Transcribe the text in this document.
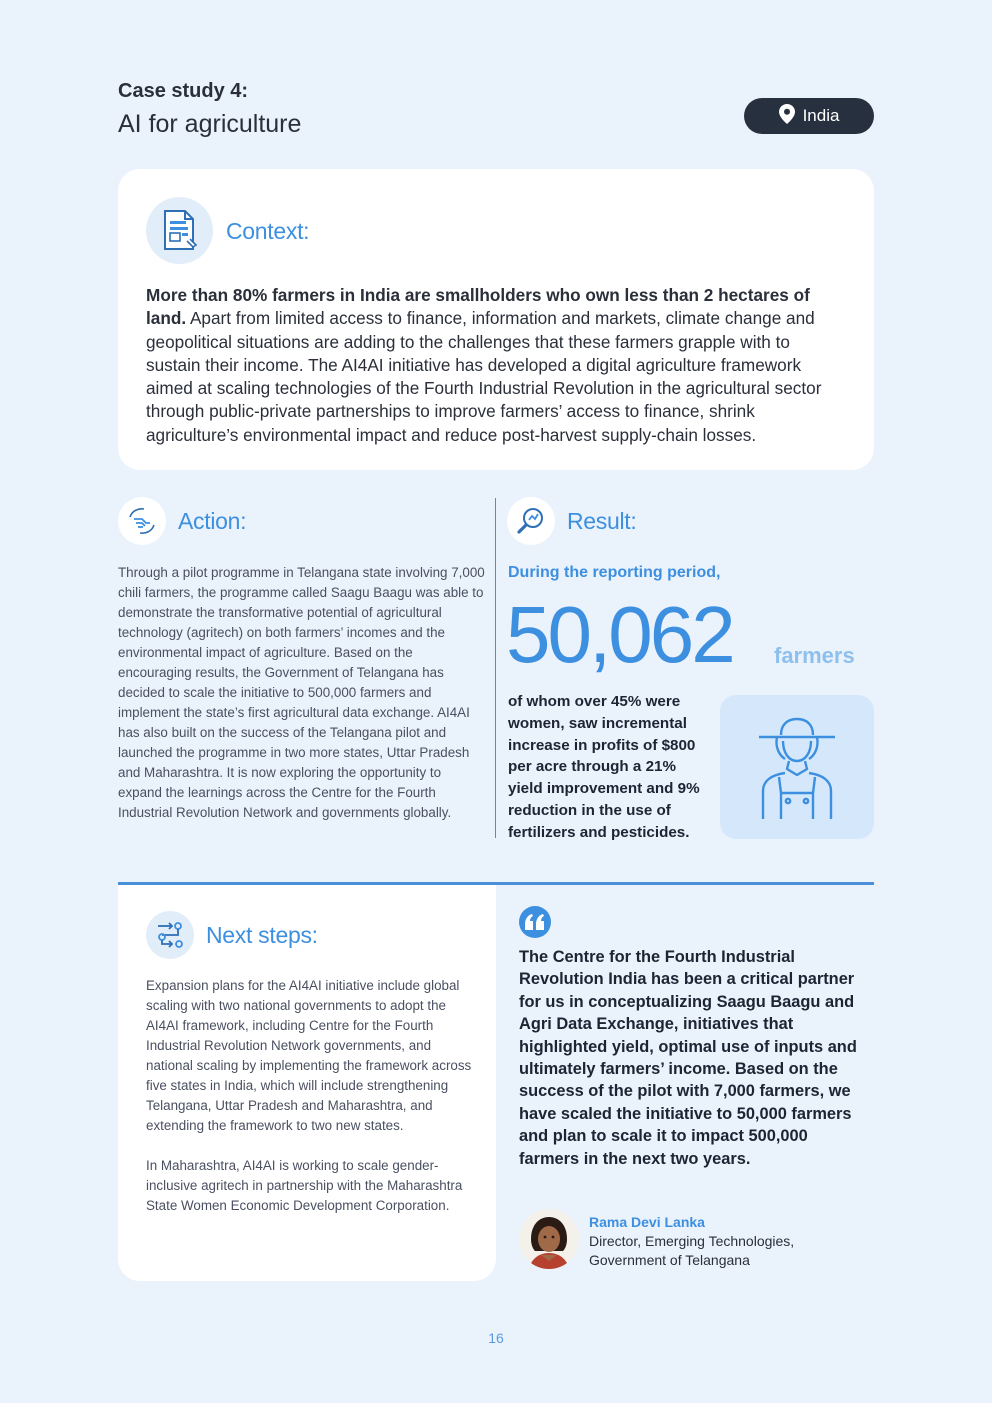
Case study 4:
AI for agriculture	India
Context:
More than 80% farmers in India are smallholders who own less than 2 hectares of land. Apart from limited access to finance, information and markets, climate change and geopolitical situations are adding to the challenges that these farmers grapple with to sustain their income. The AI4AI initiative has developed a digital agriculture framework aimed at scaling technologies of the Fourth Industrial Revolution in the agricultural sector through public-private partnerships to improve farmers’ access to finance, shrink agriculture’s environmental impact and reduce post-harvest supply-chain losses.
Action:
Through a pilot programme in Telangana state involving 7,000 chili farmers, the programme called Saagu Baagu was able to demonstrate the transformative potential of agricultural technology (agritech) on both farmers’ incomes and the environmental impact of agriculture. Based on the encouraging results, the Government of Telangana has decided to scale the initiative to 500,000 farmers and implement the state’s first agricultural data exchange. AI4AI has also built on the success of the Telangana pilot and launched the programme in two more states, Uttar Pradesh and Maharashtra. It is now exploring the opportunity to expand the learnings across the Centre for the Fourth Industrial Revolution Network and governments globally.
Result:
During the reporting period,
50,062 farmers
of whom over 45% were women, saw incremental increase in profits of $800 per acre through a 21% yield improvement and 9% reduction in the use of fertilizers and pesticides.
Next steps:

Expansion plans for the AI4AI initiative include global scaling with two national governments to adopt the AI4AI framework, including Centre for the Fourth Industrial Revolution Network governments, and national scaling by implementing the framework across five states in India, which will include strengthening Telangana, Uttar Pradesh and Maharashtra, and extending the framework to two new states.

In Maharashtra, AI4AI is working to scale gender-inclusive agritech in partnership with the Maharashtra State Women Economic Development Corporation.

The Centre for the Fourth Industrial Revolution India has been a critical partner for us in conceptualizing Saagu Baagu and Agri Data Exchange, initiatives that highlighted yield, optimal use of inputs and ultimately farmers’ income. Based on the success of the pilot with 7,000 farmers, we have scaled the initiative to 50,000 farmers and plan to scale it to impact 500,000 farmers in the next two years.
Rama Devi Lanka
Director, Emerging Technologies, Government of Telangana
16
